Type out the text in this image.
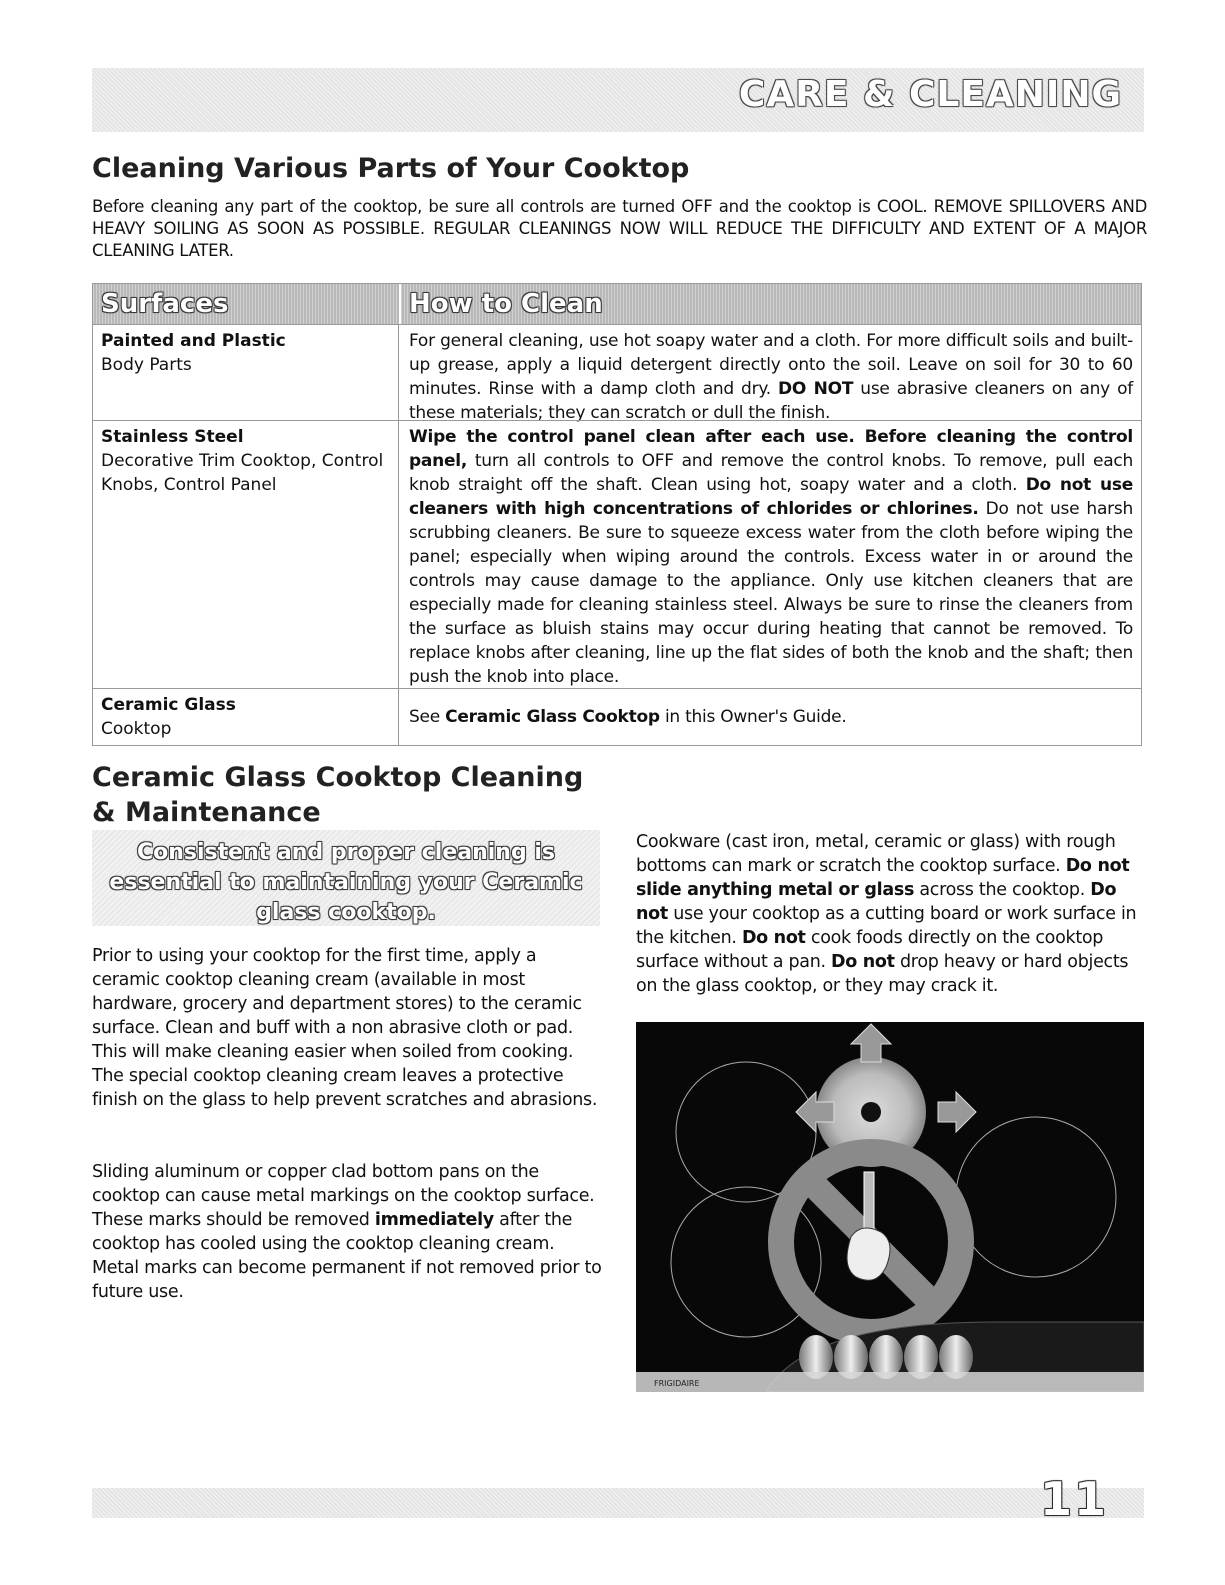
CARE & CLEANING
Cleaning Various Parts of Your Cooktop

Before cleaning any part of the cooktop, be sure all controls are turned OFF and the cooktop is COOL. REMOVE SPILLOVERS AND HEAVY SOILING AS SOON AS POSSIBLE. REGULAR CLEANINGS NOW WILL REDUCE THE DIFFICULTY AND EXTENT OF A MAJOR CLEANING LATER.

Surfaces	How to Clean
Painted and Plastic
Body Parts
For general cleaning, use hot soapy water and a cloth. For more difficult soils and built-up grease, apply a liquid detergent directly onto the soil. Leave on soil for 30 to 60 minutes. Rinse with a damp cloth and dry. DO NOT use abrasive cleaners on any of these materials; they can scratch or dull the finish.
Stainless Steel
Decorative Trim Cooktop, Control Knobs, Control Panel
Wipe the control panel clean after each use. Before cleaning the control panel, turn all controls to OFF and remove the control knobs. To remove, pull each knob straight off the shaft. Clean using hot, soapy water and a cloth. Do not use cleaners with high concentrations of chlorides or chlorines. Do not use harsh scrubbing cleaners. Be sure to squeeze excess water from the cloth before wiping the panel; especially when wiping around the controls. Excess water in or around the controls may cause damage to the appliance. Only use kitchen cleaners that are especially made for cleaning stainless steel. Always be sure to rinse the cleaners from the surface as bluish stains may occur during heating that cannot be removed. To replace knobs after cleaning, line up the flat sides of both the knob and the shaft; then push the knob into place.
Ceramic Glass
Cooktop
See Ceramic Glass Cooktop in this Owner's Guide.
Ceramic Glass Cooktop Cleaning & Maintenance
Consistent and proper cleaning is essential to maintaining your Ceramic glass cooktop.

Prior to using your cooktop for the first time, apply a ceramic cooktop cleaning cream (available in most hardware, grocery and department stores) to the ceramic surface. Clean and buff with a non abrasive cloth or pad. This will make cleaning easier when soiled from cooking. The special cooktop cleaning cream leaves a protective finish on the glass to help prevent scratches and abrasions.

Sliding aluminum or copper clad bottom pans on the cooktop can cause metal markings on the cooktop surface. These marks should be removed immediately after the cooktop has cooled using the cooktop cleaning cream. Metal marks can become permanent if not removed prior to future use.

Cookware (cast iron, metal, ceramic or glass) with rough bottoms can mark or scratch the cooktop surface. Do not slide anything metal or glass across the cooktop. Do not use your cooktop as a cutting board or work surface in the kitchen. Do not cook foods directly on the cooktop surface without a pan. Do not drop heavy or hard objects on the glass cooktop, or they may crack it.

FRIGIDAIRE
11
